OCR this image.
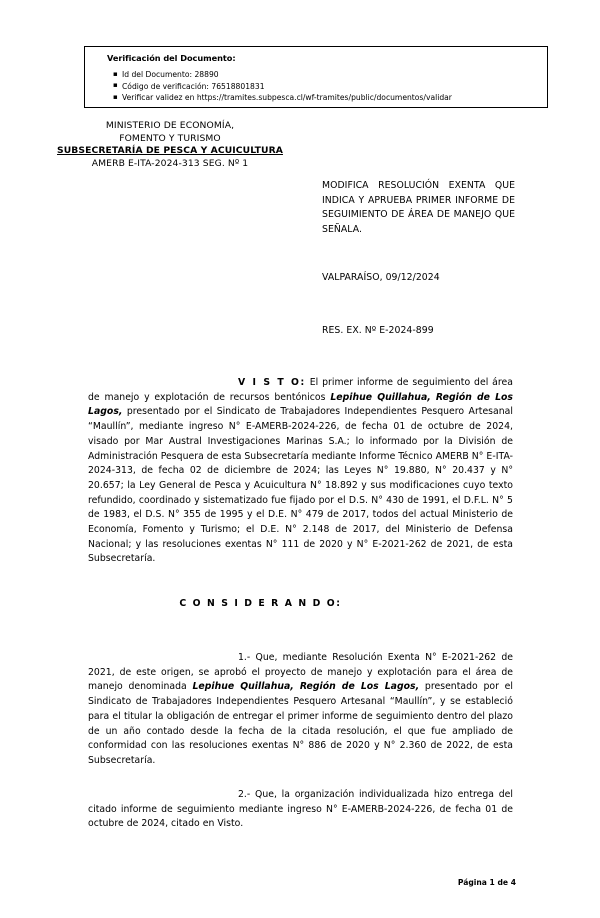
Verificación del Documento:
▪ Id del Documento: 28890
▪ Código de verificación: 76518801831
▪ Verificar validez en https://tramites.subpesca.cl/wf-tramites/public/documentos/validar
MINISTERIO DE ECONOMÍA,
FOMENTO Y TURISMO
SUBSECRETARÍA DE PESCA Y ACUICULTURA
AMERB E-ITA-2024-313 SEG. Nº 1
MODIFICA RESOLUCIÓN EXENTA QUE INDICA Y APRUEBA PRIMER INFORME DE SEGUIMIENTO DE ÁREA DE MANEJO QUE SEÑALA.
VALPARAÍSO, 09/12/2024
RES. EX. Nº E-2024-899
V I S T O: El primer informe de seguimiento del área de manejo y explotación de recursos bentónicos Lepihue Quillahua, Región de Los Lagos, presentado por el Sindicato de Trabajadores Independientes Pesquero Artesanal “Maullín”, mediante ingreso N° E-AMERB-2024-226, de fecha 01 de octubre de 2024, visado por Mar Austral Investigaciones Marinas S.A.; lo informado por la División de Administración Pesquera de esta Subsecretaría mediante Informe Técnico AMERB N° E-ITA-2024-313, de fecha 02 de diciembre de 2024; las Leyes N° 19.880, N° 20.437 y N° 20.657; la Ley General de Pesca y Acuicultura N° 18.892 y sus modificaciones cuyo texto refundido, coordinado y sistematizado fue fijado por el D.S. N° 430 de 1991, el D.F.L. N° 5 de 1983, el D.S. N° 355 de 1995 y el D.E. N° 479 de 2017, todos del actual Ministerio de Economía, Fomento y Turismo; el D.E. N° 2.148 de 2017, del Ministerio de Defensa Nacional; y las resoluciones exentas N° 111 de 2020 y N° E-2021-262 de 2021, de esta Subsecretaría.
C O N S I D E R A N D O:
1.- Que, mediante Resolución Exenta N° E-2021-262 de 2021, de este origen, se aprobó el proyecto de manejo y explotación para el área de manejo denominada Lepihue Quillahua, Región de Los Lagos, presentado por el Sindicato de Trabajadores Independientes Pesquero Artesanal “Maullín”, y se estableció para el titular la obligación de entregar el primer informe de seguimiento dentro del plazo de un año contado desde la fecha de la citada resolución, el que fue ampliado de conformidad con las resoluciones exentas N° 886 de 2020 y N° 2.360 de 2022, de esta Subsecretaría.
2.- Que, la organización individualizada hizo entrega del citado informe de seguimiento mediante ingreso N° E-AMERB-2024-226, de fecha 01 de octubre de 2024, citado en Visto.
Página 1 de 4
